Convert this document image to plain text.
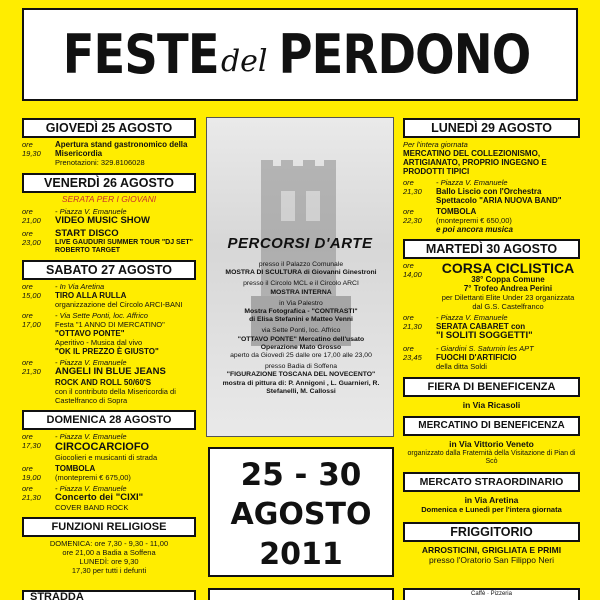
FESTE del PERDONO
GIOVEDÌ 25 AGOSTO
ore 19,30
Apertura stand gastronomico della Misericordia
Prenotazioni: 329.8106028
VENERDÌ 26 AGOSTO
SERATA PER I GIOVANI
ore 21,00
- Piazza V. Emanuele
VIDEO MUSIC SHOW
ore 23,00
START DISCO
LIVE GAUDURI SUMMER TOUR "DJ SET" ROBERTO TARGET
SABATO 27 AGOSTO
ore 15,00
- In Via Aretina
TIRO ALLA RULLA
organizzazione del Circolo ARCI-BANI
ore 17,00
- Via Sette Ponti, loc. Affrico
Festa "1 ANNO DI MERCATINO"
"OTTAVO PONTE"
Aperitivo - Musica dal vivo
"OK IL PREZZO È GIUSTO"
ore 21,30
- Piazza V. Emanuele
ANGELI IN BLUE JEANS
ROCK AND ROLL 50/60'S
con il contributo della Misericordia di Castelfranco di Sopra
DOMENICA 28 AGOSTO
ore 17,30
- Piazza V. Emanuele
CIRCOCARCIOFO
Giocolieri e musicanti di strada
ore 19,00
TOMBOLA
(montepremi € 675,00)
ore 21,30
- Piazza V. Emanuele
Concerto dei "CIXI"
COVER BAND ROCK
FUNZIONI RELIGIOSE
DOMENICA: ore 7,30 - 9,30 - 11,00
ore 21,00 a Badia a Soffena
LUNEDÌ: ore 9,30
17,30 per tutti i defunti
STRADDA
PERCORSI D'ARTE
presso il Palazzo Comunale
MOSTRA DI SCULTURA di Giovanni Ginestroni
presso il Circolo MCL e il Circolo ARCI
MOSTRA INTERNA
in Via Palestro
Mostra Fotografica - "CONTRASTI"
di Elisa Stefanini e Matteo Venni
via Sette Ponti, loc. Affrico
"OTTAVO PONTE" Mercatino dell'usato
Operazione Mato Grosso
aperto da Giovedì 25 dalle ore 17,00 alle 23,00
presso Badia di Soffena
"FIGURAZIONE TOSCANA DEL NOVECENTO"
mostra di pittura di: P. Annigoni , L. Guarnieri, R. Stefanelli, M. Callossi
25 - 30
AGOSTO
2011
LUNEDÌ 29 AGOSTO
Per l'intera giornata
MERCATINO DEL COLLEZIONISMO, ARTIGIANATO, PROPRIO INGEGNO E PRODOTTI TIPICI
ore 21,30
- Piazza V. Emanuele
Ballo Liscio con l'Orchestra Spettacolo "ARIA NUOVA BAND"
ore 22,30
TOMBOLA
(montepremi € 650,00)
e poi ancora musica
MARTEDÌ 30 AGOSTO
ore 14,00	CORSA CICLISTICA
38° Coppa Comune
7° Trofeo Andrea Perini
per Dilettanti Elite Under 23 organizzata dal G.S. Castelfranco
ore 21,30
- Piazza V. Emanuele
SERATA CABARET con
"I SOLITI SOGGETTI"
ore 23,45
- Giardini S. Saturnin les APT
FUOCHI D'ARTIFICIO
della ditta Soldi
FIERA DI BENEFICENZA
in Via Ricasoli
MERCATINO DI BENEFICENZA
in Via Vittorio Veneto
organizzato dalla Fraternità della Visitazione di Pian di Scò
MERCATO STRAORDINARIO
in Via Aretina
Domenica e Lunedì per l'intera giornata
FRIGGITORIO
ARROSTICINI, GRIGLIATA E PRIMI
presso l'Oratorio San Filippo Neri
Caffè · Pizzeria
